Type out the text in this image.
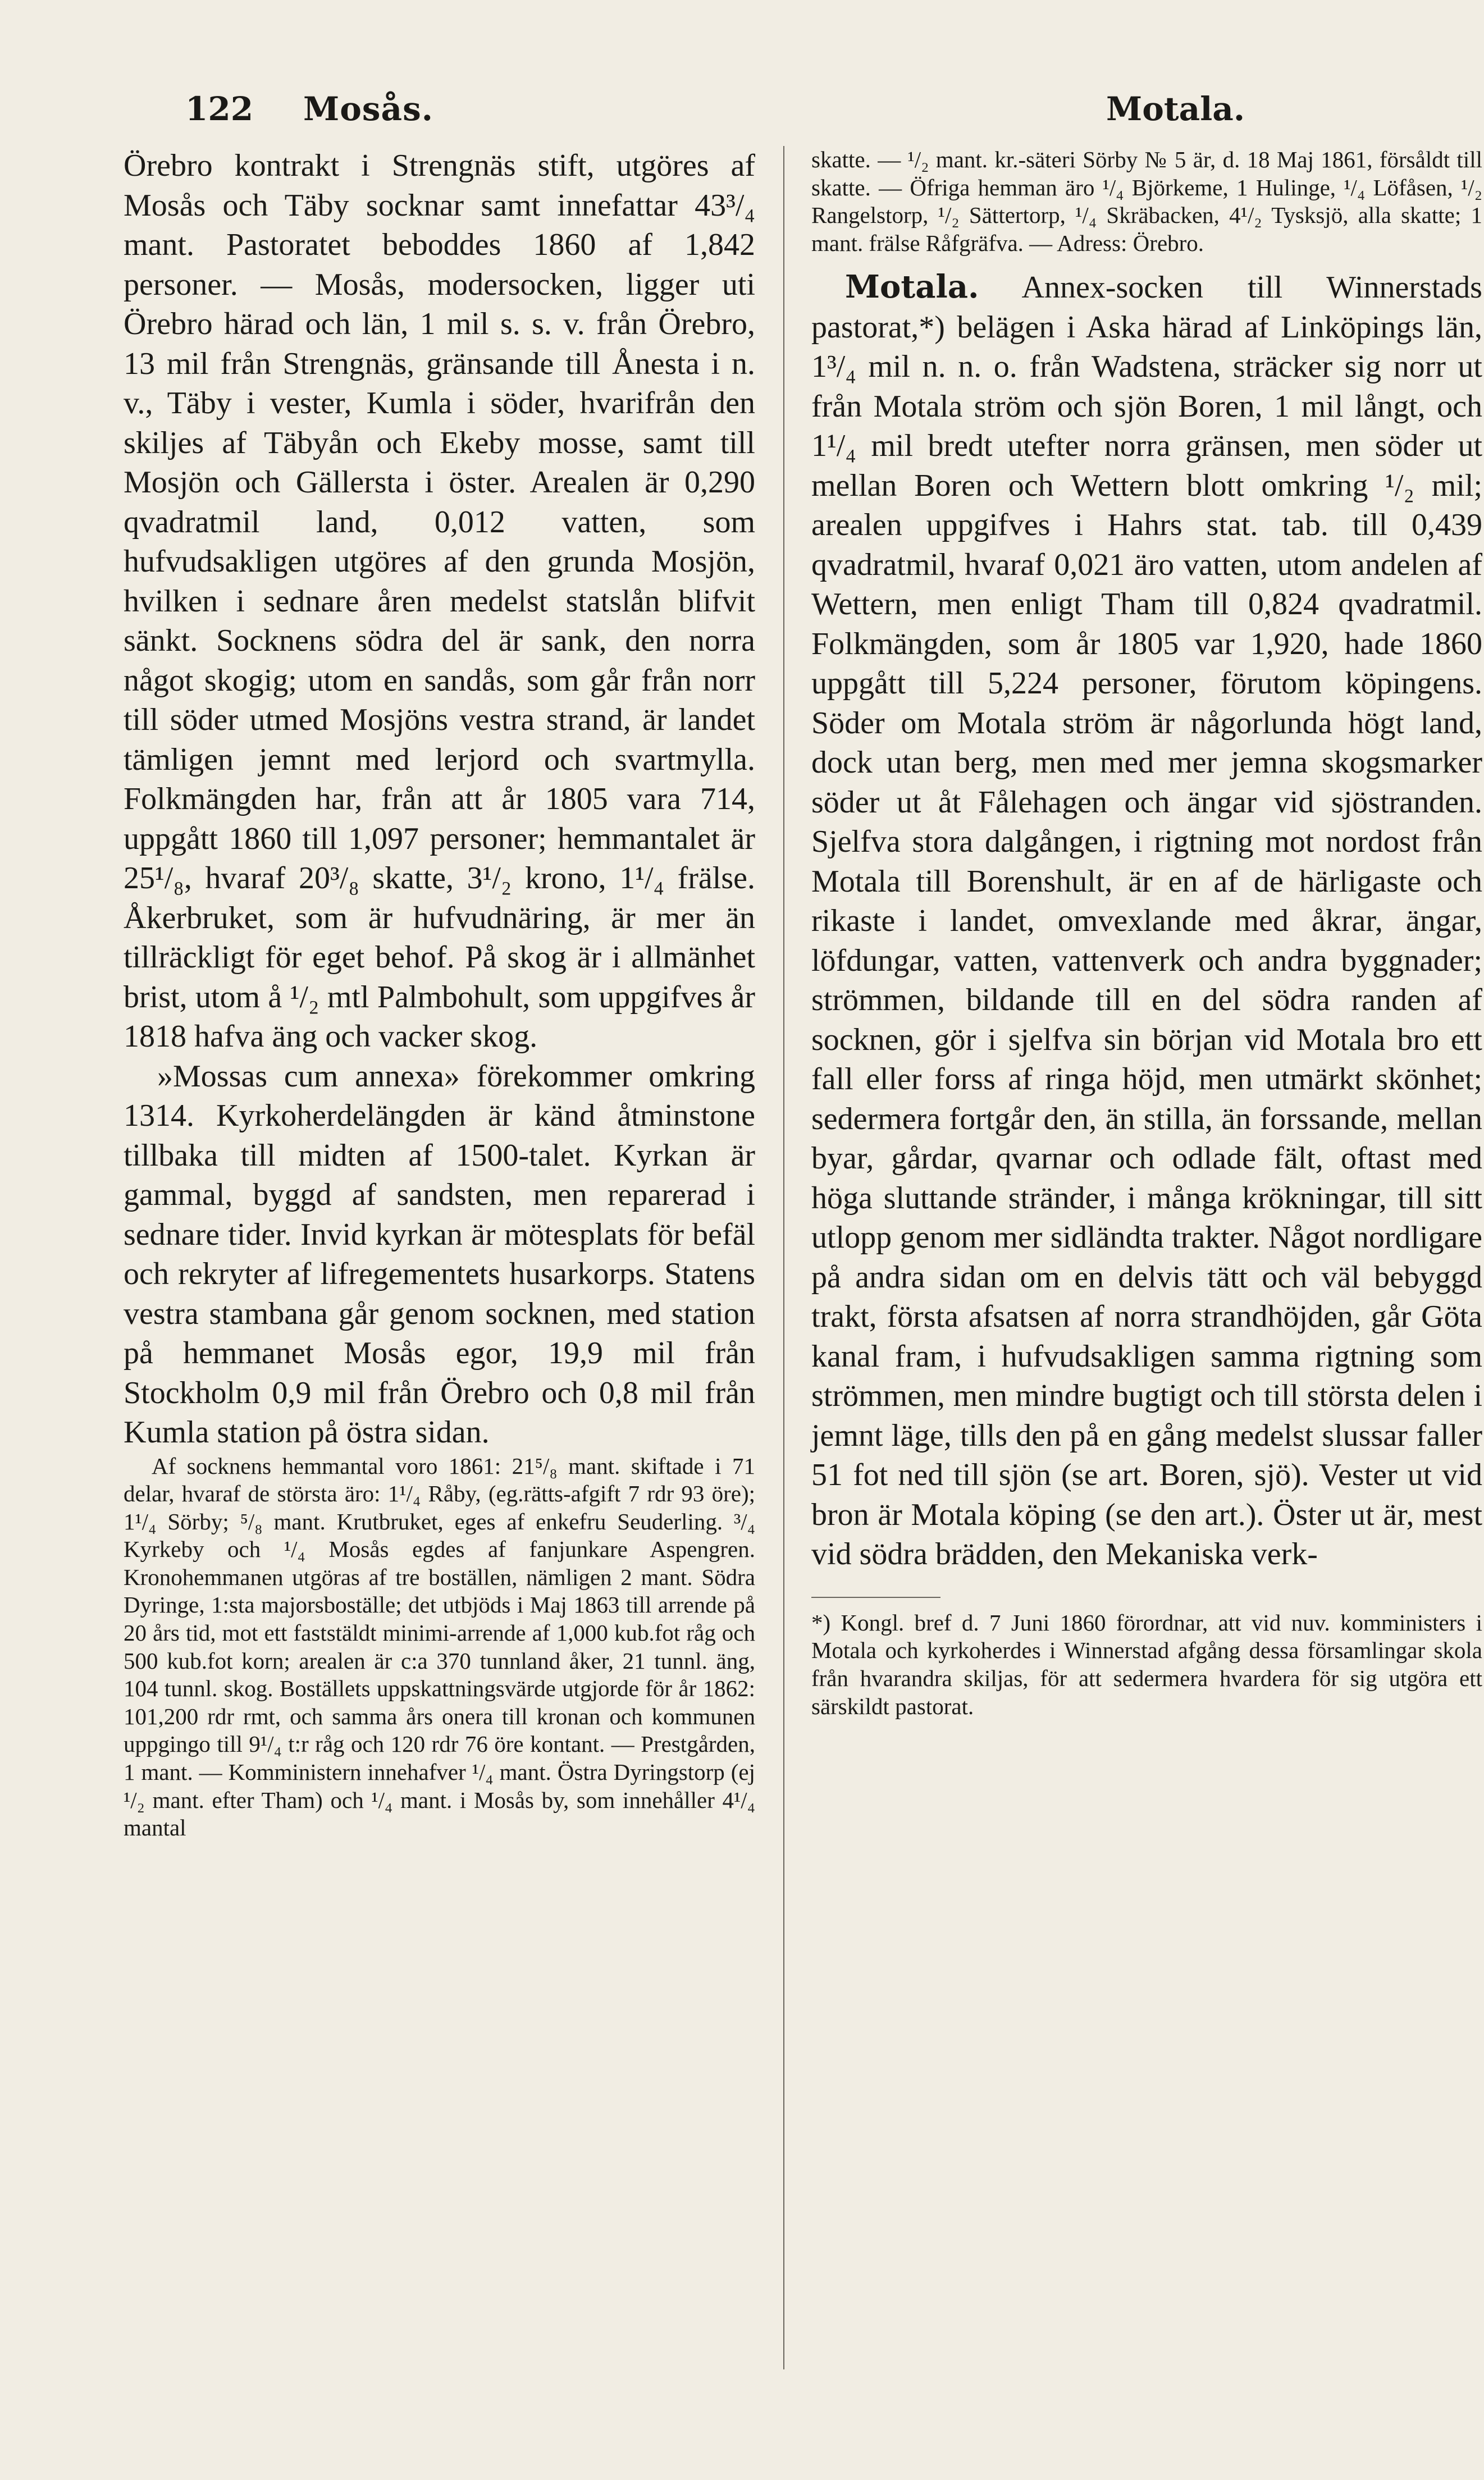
122 Mosås.	Motala.

Örebro kontrakt i Strengnäs stift, utgöres af Mosås och Täby socknar samt innefattar 43³/₄ mant. Pastoratet beboddes 1860 af 1,842 personer. — Mosås, modersocken, ligger uti Örebro härad och län, 1 mil s. s. v. från Örebro, 13 mil från Strengnäs, gränsande till Ånesta i n. v., Täby i vester, Kumla i söder, hvarifrån den skiljes af Täbyån och Ekeby mosse, samt till Mosjön och Gällersta i öster. Arealen är 0,290 qvadratmil land, 0,012 vatten, som hufvudsakligen utgöres af den grunda Mosjön, hvilken i sednare åren medelst statslån blifvit sänkt. Socknens södra del är sank, den norra något skogig; utom en sandås, som går från norr till söder utmed Mosjöns vestra strand, är landet tämligen jemnt med lerjord och svartmylla. Folkmängden har, från att år 1805 vara 714, uppgått 1860 till 1,097 personer; hemmantalet är 25¹/₈, hvaraf 20³/₈ skatte, 3¹/₂ krono, 1¹/₄ frälse. Åkerbruket, som är hufvudnäring, är mer än tillräckligt för eget behof. På skog är i allmänhet brist, utom å ¹/₂ mtl Palmbohult, som uppgifves år 1818 hafva äng och vacker skog.

»Mossas cum annexa» förekommer omkring 1314. Kyrkoherdelängden är känd åtminstone tillbaka till midten af 1500-talet. Kyrkan är gammal, byggd af sandsten, men reparerad i sednare tider. Invid kyrkan är mötesplats för befäl och rekryter af lifregementets husarkorps. Statens vestra stambana går genom socknen, med station på hemmanet Mosås egor, 19,9 mil från Stockholm 0,9 mil från Örebro och 0,8 mil från Kumla station på östra sidan.

Af socknens hemmantal voro 1861: 21⁵/₈ mant. skiftade i 71 delar, hvaraf de största äro: 1¹/₄ Råby, (eg.rätts-afgift 7 rdr 93 öre); 1¹/₄ Sörby; ⁵/₈ mant. Krutbruket, eges af enkefru Seuderling. ³/₄ Kyrkeby och ¹/₄ Mosås egdes af fanjunkare Aspengren. Kronohemmanen utgöras af tre boställen, nämligen 2 mant. Södra Dyringe, 1:sta majorsboställe; det utbjöds i Maj 1863 till arrende på 20 års tid, mot ett faststäldt minimi-arrende af 1,000 kub.fot råg och 500 kub.fot korn; arealen är c:a 370 tunnland åker, 21 tunnl. äng, 104 tunnl. skog. Boställets uppskattningsvärde utgjorde för år 1862: 101,200 rdr rmt, och samma års onera till kronan och kommunen uppgingo till 9¹/₄ t:r råg och 120 rdr 76 öre kontant. — Prestgården, 1 mant. — Komministern innehafver ¹/₄ mant. Östra Dyringstorp (ej ¹/₂ mant. efter Tham) och ¹/₄ mant. i Mosås by, som innehåller 4¹/₄ mantal

skatte. — ¹/₂ mant. kr.-säteri Sörby № 5 är, d. 18 Maj 1861, försåldt till skatte. — Öfriga hemman äro ¹/₄ Björkeme, 1 Hulinge, ¹/₄ Löfåsen, ¹/₂ Rangelstorp, ¹/₂ Sättertorp, ¹/₄ Skräbacken, 4¹/₂ Tysksjö, alla skatte; 1 mant. frälse Råfgräfva. — Adress: Örebro.

Motala. Annex-socken till Winnerstads pastorat,*) belägen i Aska härad af Linköpings län, 1³/₄ mil n. n. o. från Wadstena, sträcker sig norr ut från Motala ström och sjön Boren, 1 mil långt, och 1¹/₄ mil bredt utefter norra gränsen, men söder ut mellan Boren och Wettern blott omkring ¹/₂ mil; arealen uppgifves i Hahrs stat. tab. till 0,439 qvadratmil, hvaraf 0,021 äro vatten, utom andelen af Wettern, men enligt Tham till 0,824 qvadratmil. Folkmängden, som år 1805 var 1,920, hade 1860 uppgått till 5,224 personer, förutom köpingens. Söder om Motala ström är någorlunda högt land, dock utan berg, men med mer jemna skogsmarker söder ut åt Fålehagen och ängar vid sjöstranden. Sjelfva stora dalgången, i rigtning mot nordost från Motala till Borenshult, är en af de härligaste och rikaste i landet, omvexlande med åkrar, ängar, löfdungar, vatten, vattenverk och andra byggnader; strömmen, bildande till en del södra randen af socknen, gör i sjelfva sin början vid Motala bro ett fall eller forss af ringa höjd, men utmärkt skönhet; sedermera fortgår den, än stilla, än forssande, mellan byar, gårdar, qvarnar och odlade fält, oftast med höga sluttande stränder, i många krökningar, till sitt utlopp genom mer sidländta trakter. Något nordligare på andra sidan om en delvis tätt och väl bebyggd trakt, första afsatsen af norra strandhöjden, går Göta kanal fram, i hufvudsakligen samma rigtning som strömmen, men mindre bugtigt och till största delen i jemnt läge, tills den på en gång medelst slussar faller 51 fot ned till sjön (se art. Boren, sjö). Vester ut vid bron är Motala köping (se den art.). Öster ut är, mest vid södra brädden, den Mekaniska verk-

*) Kongl. bref d. 7 Juni 1860 förordnar, att vid nuv. komministers i Motala och kyrkoherdes i Winnerstad afgång dessa församlingar skola från hvarandra skiljas, för att sedermera hvardera för sig utgöra ett särskildt pastorat.
